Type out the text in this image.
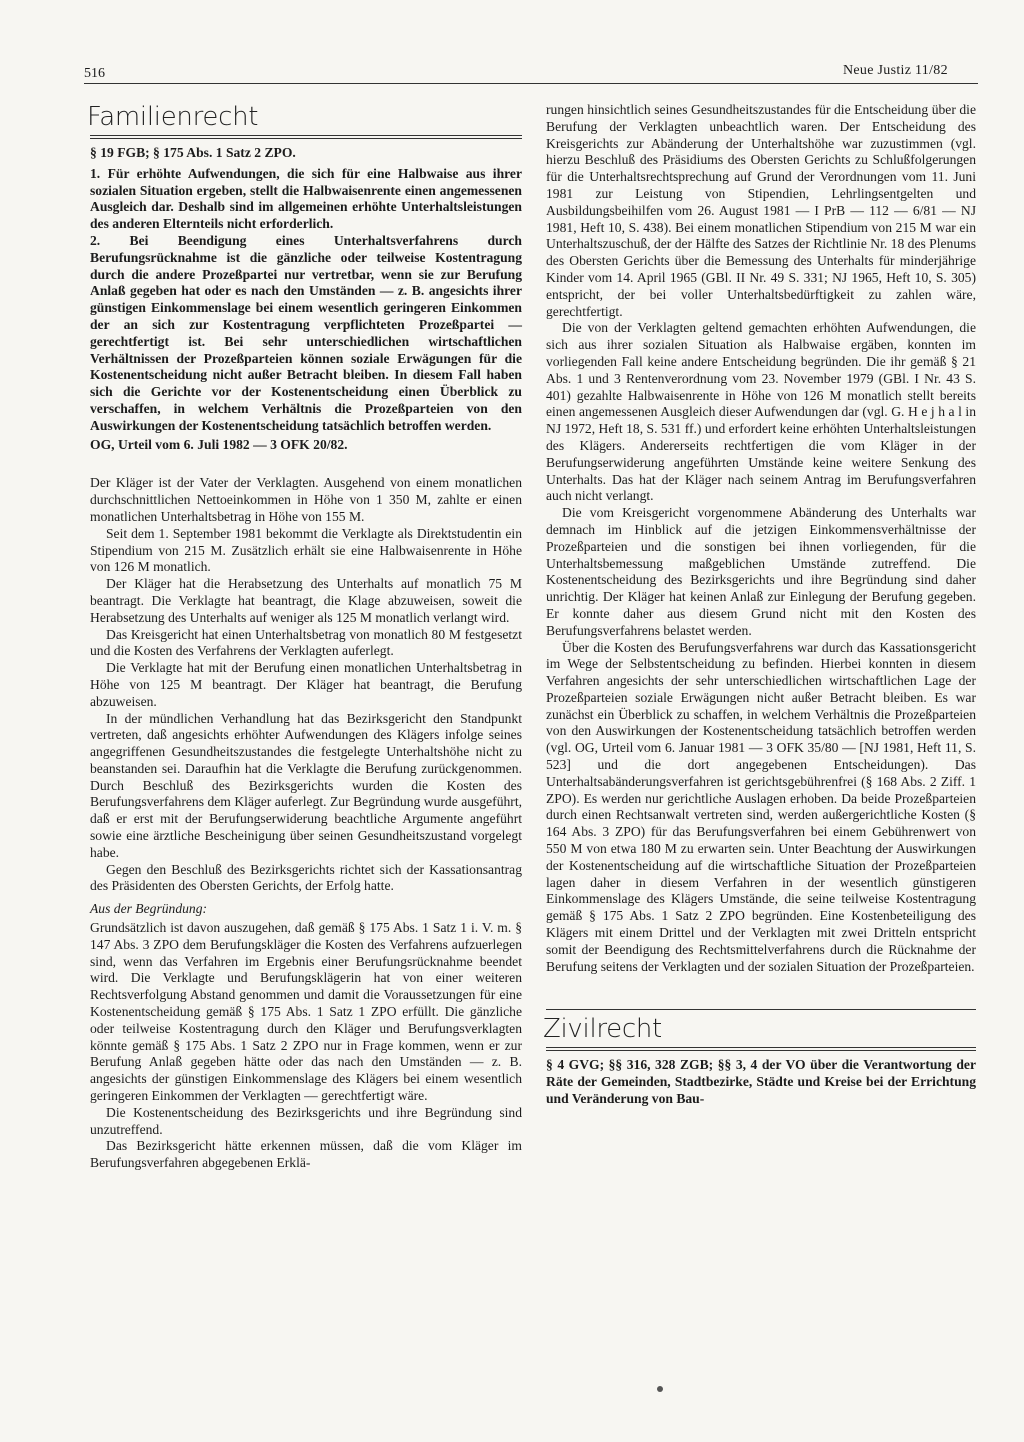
516	Neue Justiz 11/82
Familienrecht
§ 19 FGB; § 175 Abs. 1 Satz 2 ZPO.

1. Für erhöhte Aufwendungen, die sich für eine Halbwaise aus ihrer sozialen Situation ergeben, stellt die Halbwaisenrente einen angemessenen Ausgleich dar. Deshalb sind im allgemeinen erhöhte Unterhaltsleistungen des anderen Elternteils nicht erforderlich.

2. Bei Beendigung eines Unterhaltsverfahrens durch Berufungsrücknahme ist die gänzliche oder teilweise Kostentragung durch die andere Prozeßpartei nur vertretbar, wenn sie zur Berufung Anlaß gegeben hat oder es nach den Umständen — z. B. angesichts ihrer günstigen Einkommenslage bei einem wesentlich geringeren Einkommen der an sich zur Kostentragung verpflichteten Prozeßpartei — gerechtfertigt ist. Bei sehr unterschiedlichen wirtschaftlichen Verhältnissen der Prozeßparteien können soziale Erwägungen für die Kostenentscheidung nicht außer Betracht bleiben. In diesem Fall haben sich die Gerichte vor der Kostenentscheidung einen Überblick zu verschaffen, in welchem Verhältnis die Prozeßparteien von den Auswirkungen der Kostenentscheidung tatsächlich betroffen werden.

OG, Urteil vom 6. Juli 1982 — 3 OFK 20/82.

Der Kläger ist der Vater der Verklagten. Ausgehend von einem monatlichen durchschnittlichen Nettoeinkommen in Höhe von 1 350 M, zahlte er einen monatlichen Unterhaltsbetrag in Höhe von 155 M.

Seit dem 1. September 1981 bekommt die Verklagte als Direktstudentin ein Stipendium von 215 M. Zusätzlich erhält sie eine Halbwaisenrente in Höhe von 126 M monatlich.

Der Kläger hat die Herabsetzung des Unterhalts auf monatlich 75 M beantragt. Die Verklagte hat beantragt, die Klage abzuweisen, soweit die Herabsetzung des Unterhalts auf weniger als 125 M monatlich verlangt wird.

Das Kreisgericht hat einen Unterhaltsbetrag von monatlich 80 M festgesetzt und die Kosten des Verfahrens der Verklagten auferlegt.

Die Verklagte hat mit der Berufung einen monatlichen Unterhaltsbetrag in Höhe von 125 M beantragt. Der Kläger hat beantragt, die Berufung abzuweisen.

In der mündlichen Verhandlung hat das Bezirksgericht den Standpunkt vertreten, daß angesichts erhöhter Aufwendungen des Klägers infolge seines angegriffenen Gesundheitszustandes die festgelegte Unterhaltshöhe nicht zu beanstanden sei. Daraufhin hat die Verklagte die Berufung zurückgenommen. Durch Beschluß des Bezirksgerichts wurden die Kosten des Berufungsverfahrens dem Kläger auferlegt. Zur Begründung wurde ausgeführt, daß er erst mit der Berufungserwiderung beachtliche Argumente angeführt sowie eine ärztliche Bescheinigung über seinen Gesundheitszustand vorgelegt habe.

Gegen den Beschluß des Bezirksgerichts richtet sich der Kassationsantrag des Präsidenten des Obersten Gerichts, der Erfolg hatte.

Aus der Begründung:

Grundsätzlich ist davon auszugehen, daß gemäß § 175 Abs. 1 Satz 1 i. V. m. § 147 Abs. 3 ZPO dem Berufungskläger die Kosten des Verfahrens aufzuerlegen sind, wenn das Verfahren im Ergebnis einer Berufungsrücknahme beendet wird. Die Verklagte und Berufungsklägerin hat von einer weiteren Rechtsverfolgung Abstand genommen und damit die Voraussetzungen für eine Kostenentscheidung gemäß § 175 Abs. 1 Satz 1 ZPO erfüllt. Die gänzliche oder teilweise Kostentragung durch den Kläger und Berufungsverklagten könnte gemäß § 175 Abs. 1 Satz 2 ZPO nur in Frage kommen, wenn er zur Berufung Anlaß gegeben hätte oder das nach den Umständen — z. B. angesichts der günstigen Einkommenslage des Klägers bei einem wesentlich geringeren Einkommen der Verklagten — gerechtfertigt wäre.

Die Kostenentscheidung des Bezirksgerichts und ihre Begründung sind unzutreffend.

Das Bezirksgericht hätte erkennen müssen, daß die vom Kläger im Berufungsverfahren abgegebenen Erklä-

rungen hinsichtlich seines Gesundheitszustandes für die Entscheidung über die Berufung der Verklagten unbeachtlich waren. Der Entscheidung des Kreisgerichts zur Abänderung der Unterhaltshöhe war zuzustimmen (vgl. hierzu Beschluß des Präsidiums des Obersten Gerichts zu Schlußfolgerungen für die Unterhaltsrechtsprechung auf Grund der Verordnungen vom 11. Juni 1981 zur Leistung von Stipendien, Lehrlingsentgelten und Ausbildungsbeihilfen vom 26. August 1981 — I PrB — 112 — 6/81 — NJ 1981, Heft 10, S. 438). Bei einem monatlichen Stipendium von 215 M war ein Unterhaltszuschuß, der der Hälfte des Satzes der Richtlinie Nr. 18 des Plenums des Obersten Gerichts über die Bemessung des Unterhalts für minderjährige Kinder vom 14. April 1965 (GBl. II Nr. 49 S. 331; NJ 1965, Heft 10, S. 305) entspricht, der bei voller Unterhaltsbedürftigkeit zu zahlen wäre, gerechtfertigt.

Die von der Verklagten geltend gemachten erhöhten Aufwendungen, die sich aus ihrer sozialen Situation als Halbwaise ergäben, konnten im vorliegenden Fall keine andere Entscheidung begründen. Die ihr gemäß § 21 Abs. 1 und 3 Rentenverordnung vom 23. November 1979 (GBl. I Nr. 43 S. 401) gezahlte Halbwaisenrente in Höhe von 126 M monatlich stellt bereits einen angemessenen Ausgleich dieser Aufwendungen dar (vgl. G. H e j h a l in NJ 1972, Heft 18, S. 531 ff.) und erfordert keine erhöhten Unterhaltsleistungen des Klägers. Andererseits rechtfertigen die vom Kläger in der Berufungserwiderung angeführten Umstände keine weitere Senkung des Unterhalts. Das hat der Kläger nach seinem Antrag im Berufungsverfahren auch nicht verlangt.

Die vom Kreisgericht vorgenommene Abänderung des Unterhalts war demnach im Hinblick auf die jetzigen Einkommensverhältnisse der Prozeßparteien und die sonstigen bei ihnen vorliegenden, für die Unterhaltsbemessung maßgeblichen Umstände zutreffend. Die Kostenentscheidung des Bezirksgerichts und ihre Begründung sind daher unrichtig. Der Kläger hat keinen Anlaß zur Einlegung der Berufung gegeben. Er konnte daher aus diesem Grund nicht mit den Kosten des Berufungsverfahrens belastet werden.

Über die Kosten des Berufungsverfahrens war durch das Kassationsgericht im Wege der Selbstentscheidung zu befinden. Hierbei konnten in diesem Verfahren angesichts der sehr unterschiedlichen wirtschaftlichen Lage der Prozeßparteien soziale Erwägungen nicht außer Betracht bleiben. Es war zunächst ein Überblick zu schaffen, in welchem Verhältnis die Prozeßparteien von den Auswirkungen der Kostenentscheidung tatsächlich betroffen werden (vgl. OG, Urteil vom 6. Januar 1981 — 3 OFK 35/80 — [NJ 1981, Heft 11, S. 523] und die dort angegebenen Entscheidungen). Das Unterhaltsabänderungsverfahren ist gerichtsgebührenfrei (§ 168 Abs. 2 Ziff. 1 ZPO). Es werden nur gerichtliche Auslagen erhoben. Da beide Prozeßparteien durch einen Rechtsanwalt vertreten sind, werden außergerichtliche Kosten (§ 164 Abs. 3 ZPO) für das Berufungsverfahren bei einem Gebührenwert von 550 M von etwa 180 M zu erwarten sein. Unter Beachtung der Auswirkungen der Kostenentscheidung auf die wirtschaftliche Situation der Prozeßparteien lagen daher in diesem Verfahren in der wesentlich günstigeren Einkommenslage des Klägers Umstände, die seine teilweise Kostentragung gemäß § 175 Abs. 1 Satz 2 ZPO begründen. Eine Kostenbeteiligung des Klägers mit einem Drittel und der Verklagten mit zwei Dritteln entspricht somit der Beendigung des Rechtsmittelverfahrens durch die Rücknahme der Berufung seitens der Verklagten und der sozialen Situation der Prozeßparteien.

Zivilrecht
§ 4 GVG; §§ 316, 328 ZGB; §§ 3, 4 der VO über die Verantwortung der Räte der Gemeinden, Stadtbezirke, Städte und Kreise bei der Errichtung und Veränderung von Bau-
